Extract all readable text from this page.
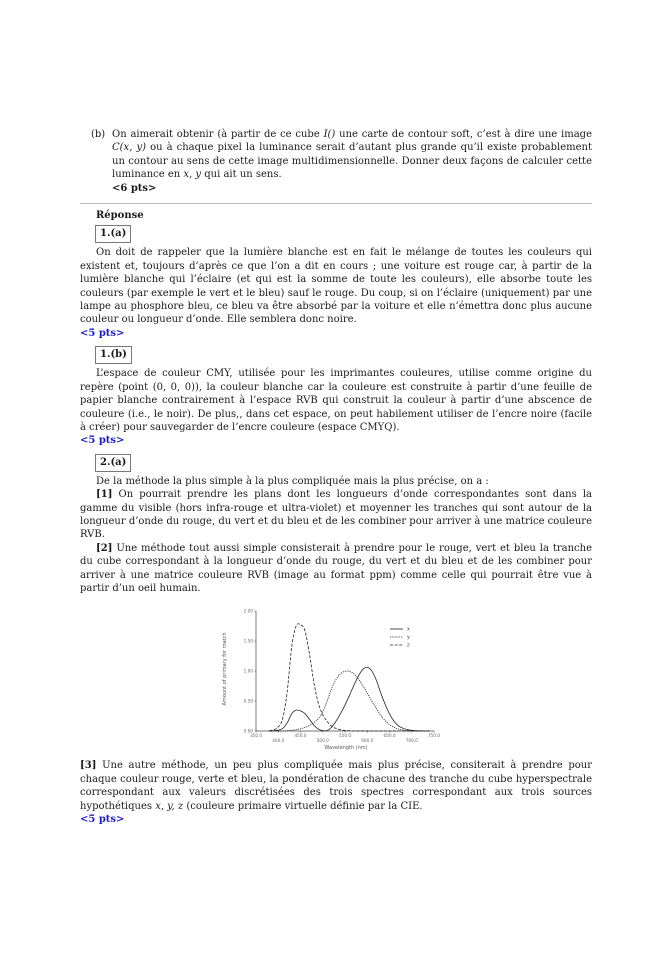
(b) On aimerait obtenir (à partir de ce cube I() une carte de contour soft, c’est à dire une image C(x, y) ou à chaque pixel la luminance serait d’autant plus grande qu’il existe probablement un contour au sens de cette image multidimensionnelle. Donner deux façons de calculer cette luminance en x, y qui ait un sens.
<6 pts>
Réponse
1.(a)
On doit de rappeler que la lumière blanche est en fait le mélange de toutes les couleurs qui existent et, toujours d’après ce que l’on a dit en cours ; une voiture est rouge car, à partir de la lumière blanche qui l’éclaire (et qui est la somme de toute les couleurs), elle absorbe toute les couleurs (par exemple le vert et le bleu) sauf le rouge. Du coup, si on l’éclaire (uniquement) par une lampe au phosphore bleu, ce bleu va être absorbé par la voiture et elle n’émettra donc plus aucune couleur ou longueur d’onde. Elle semblera donc noire.
<5 pts>
1.(b)
L’espace de couleur CMY, utilisée pour les imprimantes couleures, utilise comme origine du repère (point (0, 0, 0)), la couleur blanche car la couleure est construite à partir d’une feuille de papier blanche contrairement à l’espace RVB qui construit la couleur à partir d’une abscence de couleure (i.e., le noir). De plus,, dans cet espace, on peut habilement utiliser de l’encre noire (facile à créer) pour sauvegarder de l’encre couleure (espace CMYQ).
<5 pts>
2.(a)
De la méthode la plus simple à la plus compliquée mais la plus précise, on a :
[1] On pourrait prendre les plans dont les longueurs d’onde correspondantes sont dans la gamme du visible (hors infra-rouge et ultra-violet) et moyenner les tranches qui sont autour de la longueur d’onde du rouge, du vert et du bleu et de les combiner pour arriver à une matrice couleure RVB.
[2] Une méthode tout aussi simple consisterait à prendre pour le rouge, vert et bleu la tranche du cube correspondant à la longueur d’onde du rouge, du vert et du bleu et de les combiner pour arriver à une matrice couleure RVB (image au format ppm) comme celle qui pourrait être vue à partir d’un oeil humain.
350.0
400.0
450.0
500.0
550.0
600.0
650.0
700.0
750.0
0.00
0.50
1.00
1.50
2.00
x
y
z
Wavelength (nm)
Amount of primary for match
[3] Une autre méthode, un peu plus compliquée mais plus précise, consiterait à prendre pour chaque couleur rouge, verte et bleu, la pondération de chacune des tranche du cube hyperspectrale correspondant aux valeurs discrétisées des trois spectres correspondant aux trois sources hypothétiques x, y, z (couleure primaire virtuelle définie par la CIE.
<5 pts>
